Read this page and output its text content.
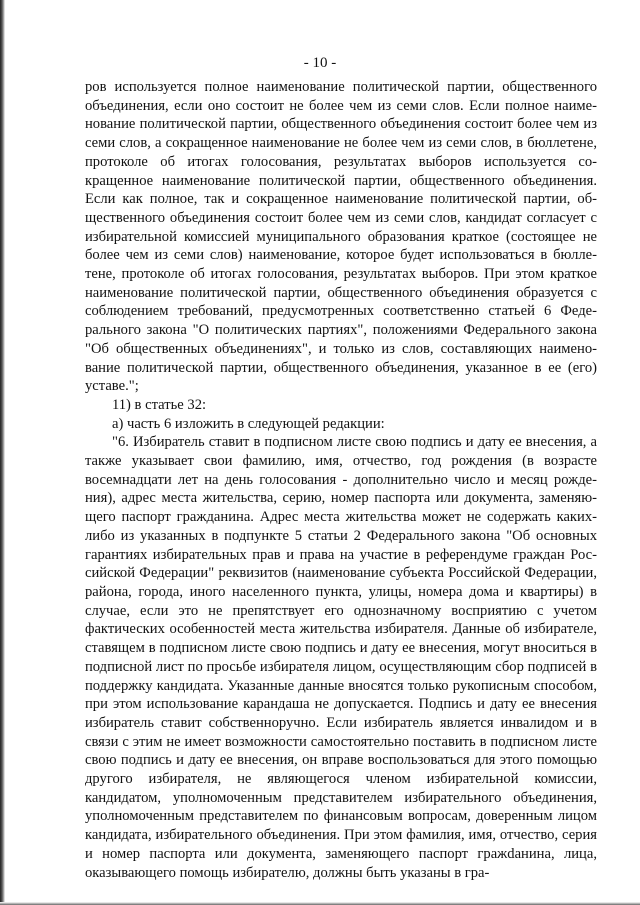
- 10 -

ров используется полное наименование политической партии, общественного объединения, если оно состоит не более чем из семи слов. Если полное наименование политической партии, общественного объединения состоит более чем из семи слов, а сокращенное наименование не более чем из семи слов, в бюллетене, протоколе об итогах голосования, результатах выборов используется сокращенное наименование политической партии, общественного объединения. Если как полное, так и сокращенное наименование политической партии, общественного объединения состоит более чем из семи слов, кандидат согласует с избирательной комиссией муниципального образования краткое (состоящее не более чем из семи слов) наименование, которое будет использоваться в бюллетене, протоколе об итогах голосования, результатах выборов. При этом краткое наименование политической партии, общественного объединения образуется с соблюдением требований, предусмотренных соответственно статьей 6 Федерального закона "О политических партиях", положениями Федерального закона "Об общественных объединениях", и только из слов, составляющих наименование политической партии, общественного объединения, указанное в ее (его) уставе.";

11) в статье 32:

а) часть 6 изложить в следующей редакции:

"6. Избиратель ставит в подписном листе свою подпись и дату ее внесения, а также указывает свои фамилию, имя, отчество, год рождения (в возрасте восемнадцати лет на день голосования - дополнительно число и месяц рождения), адрес места жительства, серию, номер паспорта или документа, заменяющего паспорт гражданина. Адрес места жительства может не содержать каких-либо из указанных в подпункте 5 статьи 2 Федерального закона "Об основных гарантиях избирательных прав и права на участие в референдуме граждан Российской Федерации" реквизитов (наименование субъекта Российской Федерации, района, города, иного населенного пункта, улицы, номера дома и квартиры) в случае, если это не препятствует его однозначному восприятию с учетом фактических особенностей места жительства избирателя. Данные об избирателе, ставящем в подписном листе свою подпись и дату ее внесения, могут вноситься в подписной лист по просьбе избирателя лицом, осуществляющим сбор подписей в поддержку кандидата. Указанные данные вносятся только рукописным способом, при этом использование карандаша не допускается. Подпись и дату ее внесения избиратель ставит собственноручно. Если избиратель является инвалидом и в связи с этим не имеет возможности самостоятельно поставить в подписном листе свою подпись и дату ее внесения, он вправе воспользоваться для этого помощью другого избирателя, не являющегося членом избирательной комиссии, кандидатом, уполномоченным представителем избирательного объединения, уполномоченным представителем по финансовым вопросам, доверенным лицом кандидата, избирательного объединения. При этом фамилия, имя, отчество, серия и номер паспорта или документа, заменяющего паспорт гражdанина, лица, оказывающего помощь избирателю, должны быть указаны в гра-
